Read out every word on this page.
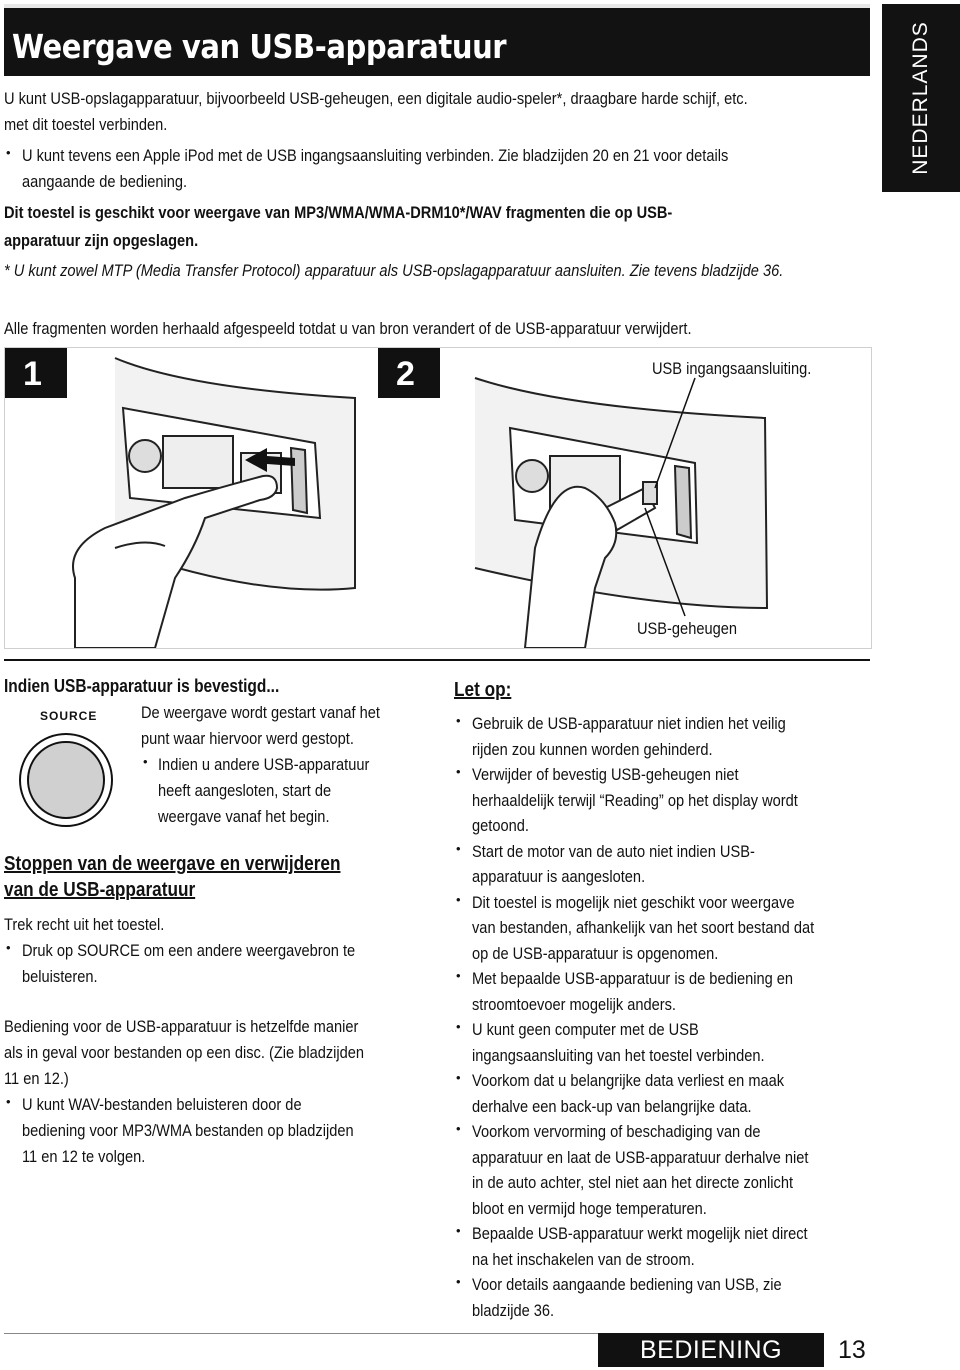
Weergave van USB-apparatuur	NEDERLANDS
U kunt USB-opslagapparatuur, bijvoorbeeld USB-geheugen, een digitale audio-speler*, draagbare harde schijf, etc.
met dit toestel verbinden.
• U kunt tevens een Apple iPod met de USB ingangsaansluiting verbinden. Zie bladzijden 20 en 21 voor details
aangaande de bediening.
Dit toestel is geschikt voor weergave van MP3/WMA/WMA-DRM10*/WAV fragmenten die op USB-
apparatuur zijn opgeslagen.
* U kunt zowel MTP (Media Transfer Protocol) apparatuur als USB-opslagapparatuur aansluiten. Zie tevens bladzijde 36.
Alle fragmenten worden herhaald afgespeeld totdat u van bron verandert of de USB-apparatuur verwijdert.
1	2	USB ingangsaansluiting.
USB-geheugen
Indien USB-apparatuur is bevestigd...
SOURCE	De weergave wordt gestart vanaf het
punt waar hiervoor werd gestopt.
• Indien u andere USB-apparatuur
heeft aangesloten, start de
weergave vanaf het begin.
Stoppen van de weergave en verwijderen
van de USB-apparatuur
Trek recht uit het toestel.
• Druk op SOURCE om een andere weergavebron te
beluisteren.
Bediening voor de USB-apparatuur is hetzelfde manier
als in geval voor bestanden op een disc. (Zie bladzijden
11 en 12.)
• U kunt WAV-bestanden beluisteren door de
bediening voor MP3/WMA bestanden op bladzijden
11 en 12 te volgen.
Let op:
• Gebruik de USB-apparatuur niet indien het veilig
rijden zou kunnen worden gehinderd.
• Verwijder of bevestig USB-geheugen niet
herhaaldelijk terwijl “Reading” op het display wordt
getoond.
• Start de motor van de auto niet indien USB-
apparatuur is aangesloten.
• Dit toestel is mogelijk niet geschikt voor weergave
van bestanden, afhankelijk van het soort bestand dat
op de USB-apparatuur is opgenomen.
• Met bepaalde USB-apparatuur is de bediening en
stroomtoevoer mogelijk anders.
• U kunt geen computer met de USB
ingangsaansluiting van het toestel verbinden.
• Voorkom dat u belangrijke data verliest en maak
derhalve een back-up van belangrijke data.
• Voorkom vervorming of beschadiging van de
apparatuur en laat de USB-apparatuur derhalve niet
in de auto achter, stel niet aan het directe zonlicht
bloot en vermijd hoge temperaturen.
• Bepaalde USB-apparatuur werkt mogelijk niet direct
na het inschakelen van de stroom.
• Voor details aangaande bediening van USB, zie
bladzijde 36.
BEDIENING	13
